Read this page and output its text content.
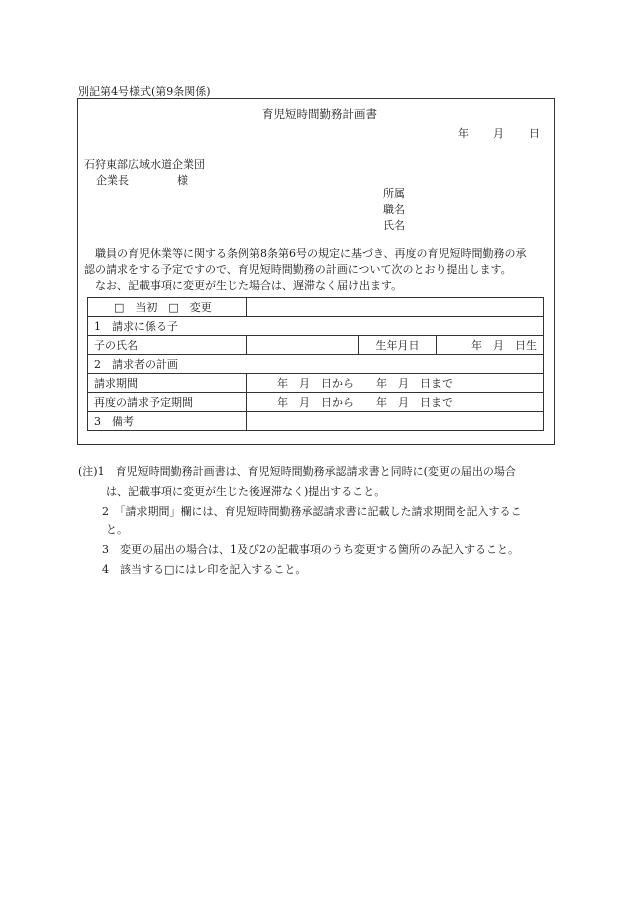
別記第4号様式(第9条関係)
育児短時間勤務計画書
年 月 日
石狩東部広域水道企業団
企業長	様
所属
職名
氏名
職員の育児休業等に関する条例第8条第6号の規定に基づき、再度の育児短時間勤務の承
認の請求をする予定ですので、育児短時間勤務の計画について次のとおり提出します。
なお、記載事項に変更が生じた場合は、遅滞なく届け出ます。
□　当初　□　変更			
1　請求に係る子			
子の氏名		生年月日	年　月　日生
2　請求者の計画			
請求期間	年　月　日から　　年　月　日まで		
再度の請求予定期間	年　月　日から　　年　月　日まで		
3　備考			
(注)1　育児短時間勤務計画書は、育児短時間勤務承認請求書と同時に(変更の届出の場合
は、記載事項に変更が生じた後遅滞なく)提出すること。
2　「請求期間」欄には、育児短時間勤務承認請求書に記載した請求期間を記入するこ
と。
3　変更の届出の場合は、1及び2の記載事項のうち変更する箇所のみ記入すること。
4　該当する□にはレ印を記入すること。
